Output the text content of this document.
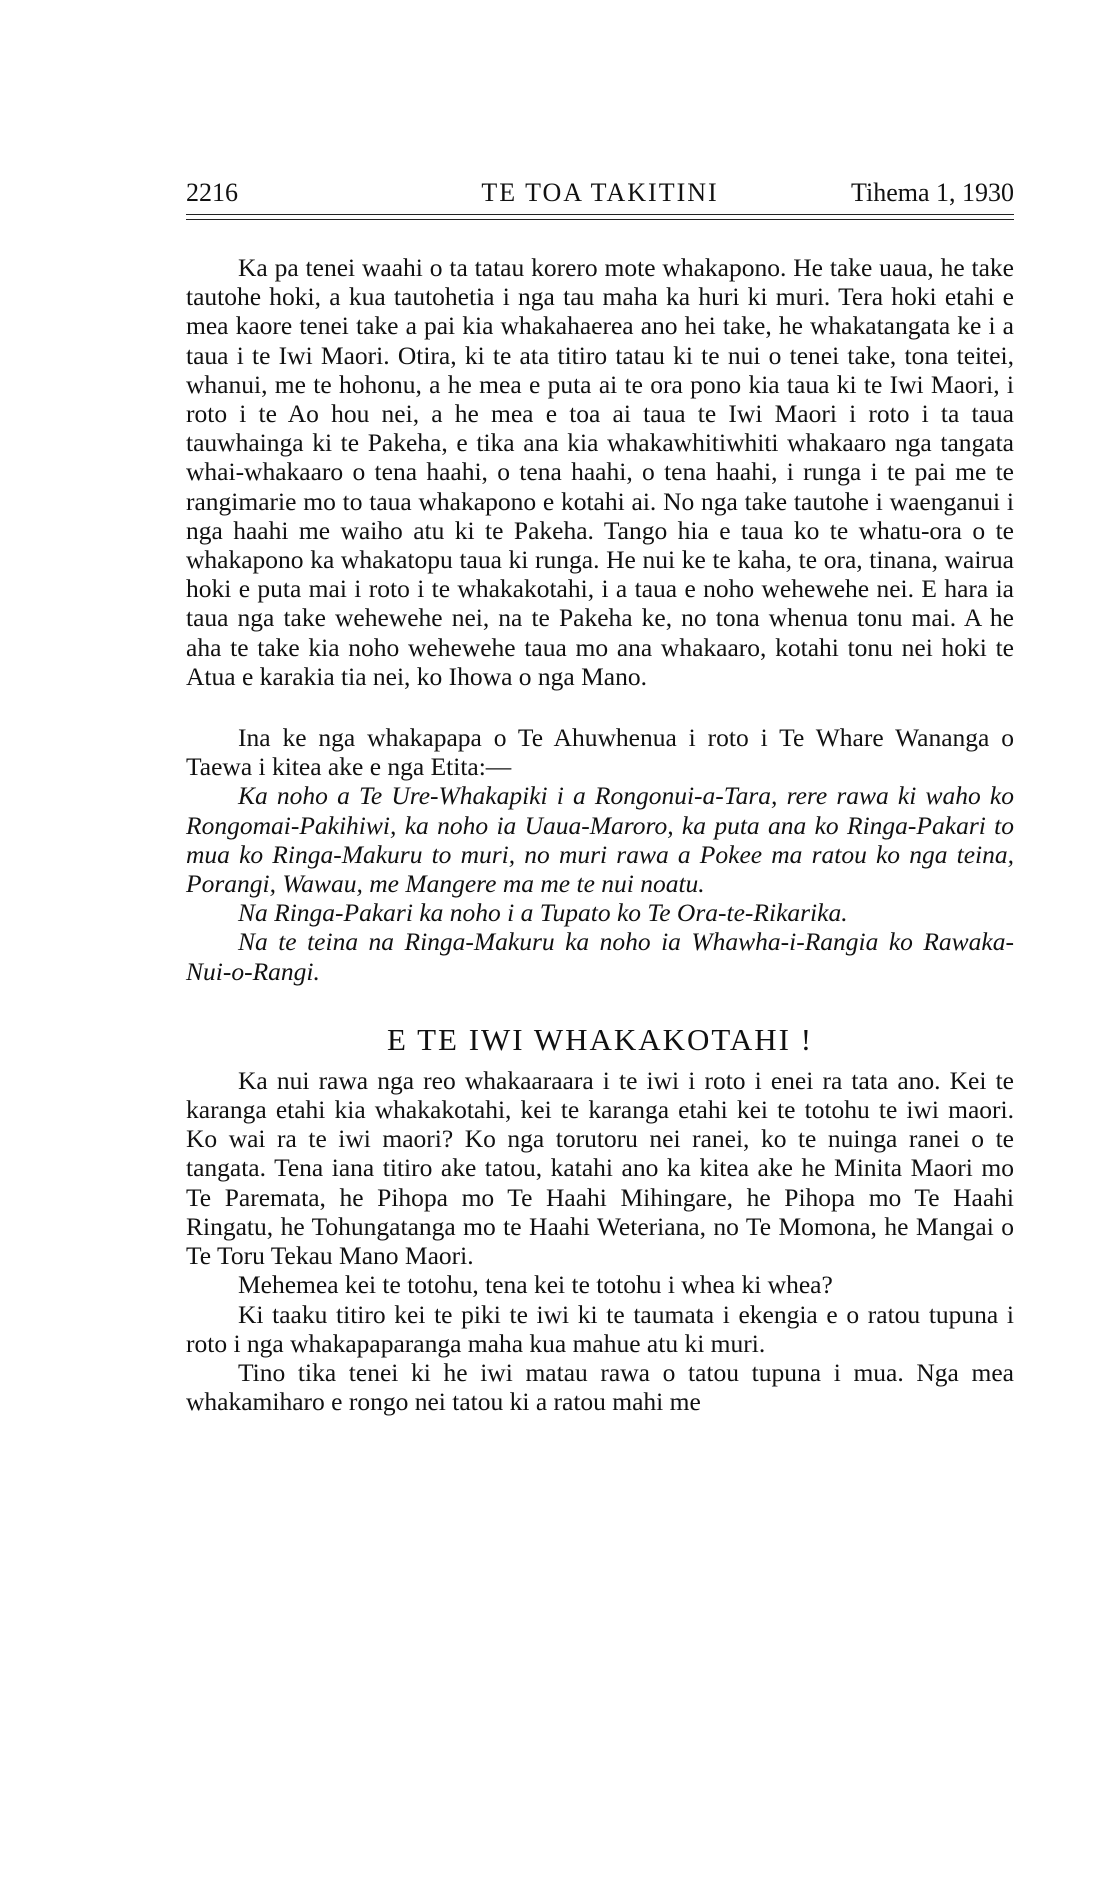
2216	TE TOA TAKITINI	Tihema 1, 1930

Ka pa tenei waahi o ta tatau korero mote whakapono. He take uaua, he take tautohe hoki, a kua tautohetia i nga tau maha ka huri ki muri. Tera hoki etahi e mea kaore tenei take a pai kia whakahaerea ano hei take, he whakatangata ke i a taua i te Iwi Maori. Otira, ki te ata titiro tatau ki te nui o tenei take, tona teitei, whanui, me te hohonu, a he mea e puta ai te ora pono kia taua ki te Iwi Maori, i roto i te Ao hou nei, a he mea e toa ai taua te Iwi Maori i roto i ta taua tauwhainga ki te Pakeha, e tika ana kia whakawhitiwhiti whakaaro nga tangata whai-whakaaro o tena haahi, o tena haahi, o tena haahi, i runga i te pai me te rangimarie mo to taua whakapono e kotahi ai. No nga take tautohe i waenganui i nga haahi me waiho atu ki te Pakeha. Tango hia e taua ko te whatu-ora o te whakapono ka whakatopu taua ki runga. He nui ke te kaha, te ora, tinana, wairua hoki e puta mai i roto i te whakakotahi, i a taua e noho wehewehe nei. E hara ia taua nga take wehewehe nei, na te Pakeha ke, no tona whenua tonu mai. A he aha te take kia noho wehewehe taua mo ana whakaaro, kotahi tonu nei hoki te Atua e karakia tia nei, ko Ihowa o nga Mano.

Ina ke nga whakapapa o Te Ahuwhenua i roto i Te Whare Wananga o Taewa i kitea ake e nga Etita:—

Ka noho a Te Ure-Whakapiki i a Rongonui-a-Tara, rere rawa ki waho ko Rongomai-Pakihiwi, ka noho ia Uaua-Maroro, ka puta ana ko Ringa-Pakari to mua ko Ringa-Makuru to muri, no muri rawa a Pokee ma ratou ko nga teina, Porangi, Wawau, me Mangere ma me te nui noatu.

Na Ringa-Pakari ka noho i a Tupato ko Te Ora-te-Rikarika.

Na te teina na Ringa-Makuru ka noho ia Whawha-i-Rangia ko Rawaka-Nui-o-Rangi.

E TE IWI WHAKAKOTAHI !

Ka nui rawa nga reo whakaaraara i te iwi i roto i enei ra tata ano. Kei te karanga etahi kia whakakotahi, kei te karanga etahi kei te totohu te iwi maori. Ko wai ra te iwi maori? Ko nga torutoru nei ranei, ko te nuinga ranei o te tangata. Tena iana titiro ake tatou, katahi ano ka kitea ake he Minita Maori mo Te Paremata, he Pihopa mo Te Haahi Mihingare, he Pihopa mo Te Haahi Ringatu, he Tohungatanga mo te Haahi Weteriana, no Te Momona, he Mangai o Te Toru Tekau Mano Maori.

Mehemea kei te totohu, tena kei te totohu i whea ki whea?

Ki taaku titiro kei te piki te iwi ki te taumata i ekengia e o ratou tupuna i roto i nga whakapaparanga maha kua mahue atu ki muri.

Tino tika tenei ki he iwi matau rawa o tatou tupuna i mua. Nga mea whakamiharo e rongo nei tatou ki a ratou mahi me
